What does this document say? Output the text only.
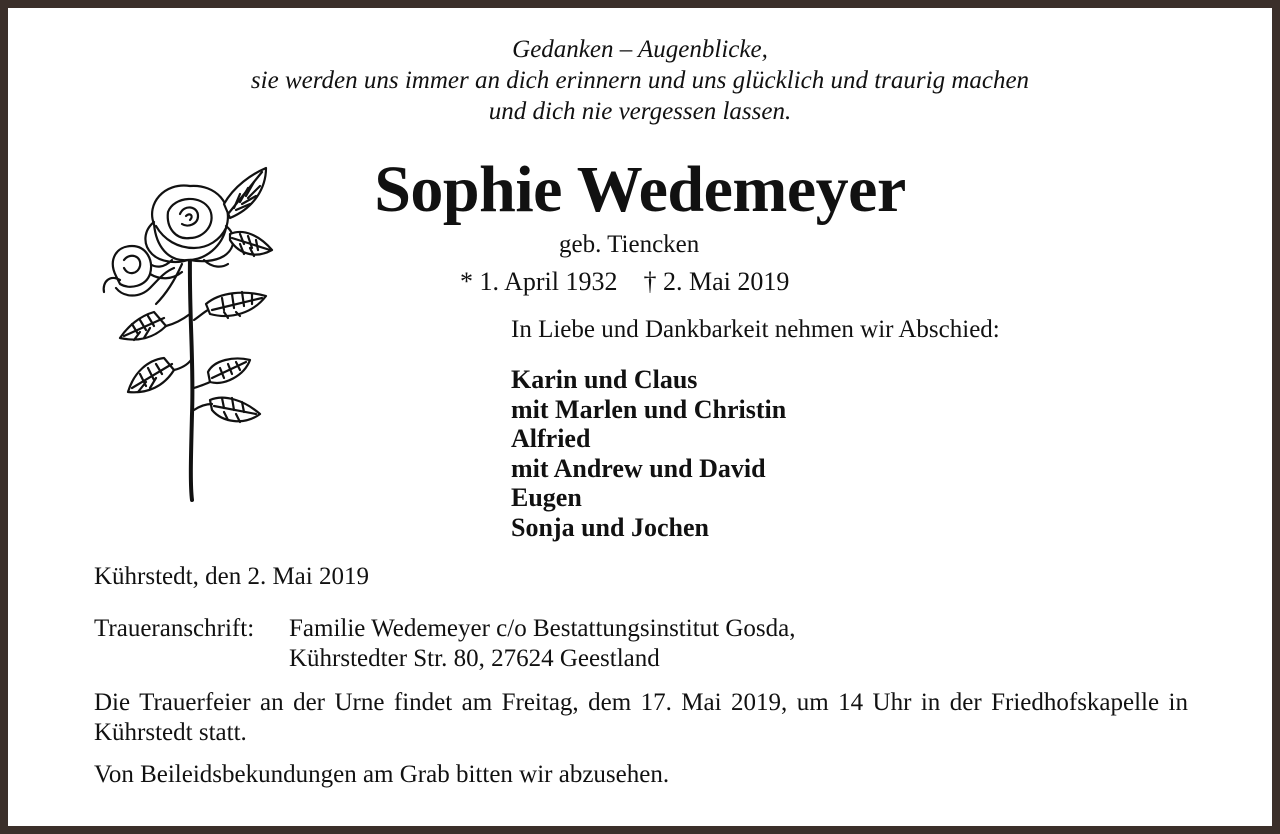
Gedanken – Augenblicke,
sie werden uns immer an dich erinnern und uns glücklich und traurig machen
und dich nie vergessen lassen.
Sophie Wedemeyer
geb. Tiencken
* 1. April 1932 † 2. Mai 2019
In Liebe und Dankbarkeit nehmen wir Abschied:
Karin und Claus
mit Marlen und Christin
Alfried
mit Andrew und David
Eugen
Sonja und Jochen
Kührstedt, den 2. Mai 2019
Traueranschrift:	Familie Wedemeyer c/o Bestattungsinstitut Gosda,
Kührstedter Str. 80, 27624 Geestland
Die Trauerfeier an der Urne findet am Freitag, dem 17. Mai 2019, um 14 Uhr in der Friedhofskapelle in Kührstedt statt.
Von Beileidsbekundungen am Grab bitten wir abzusehen.
